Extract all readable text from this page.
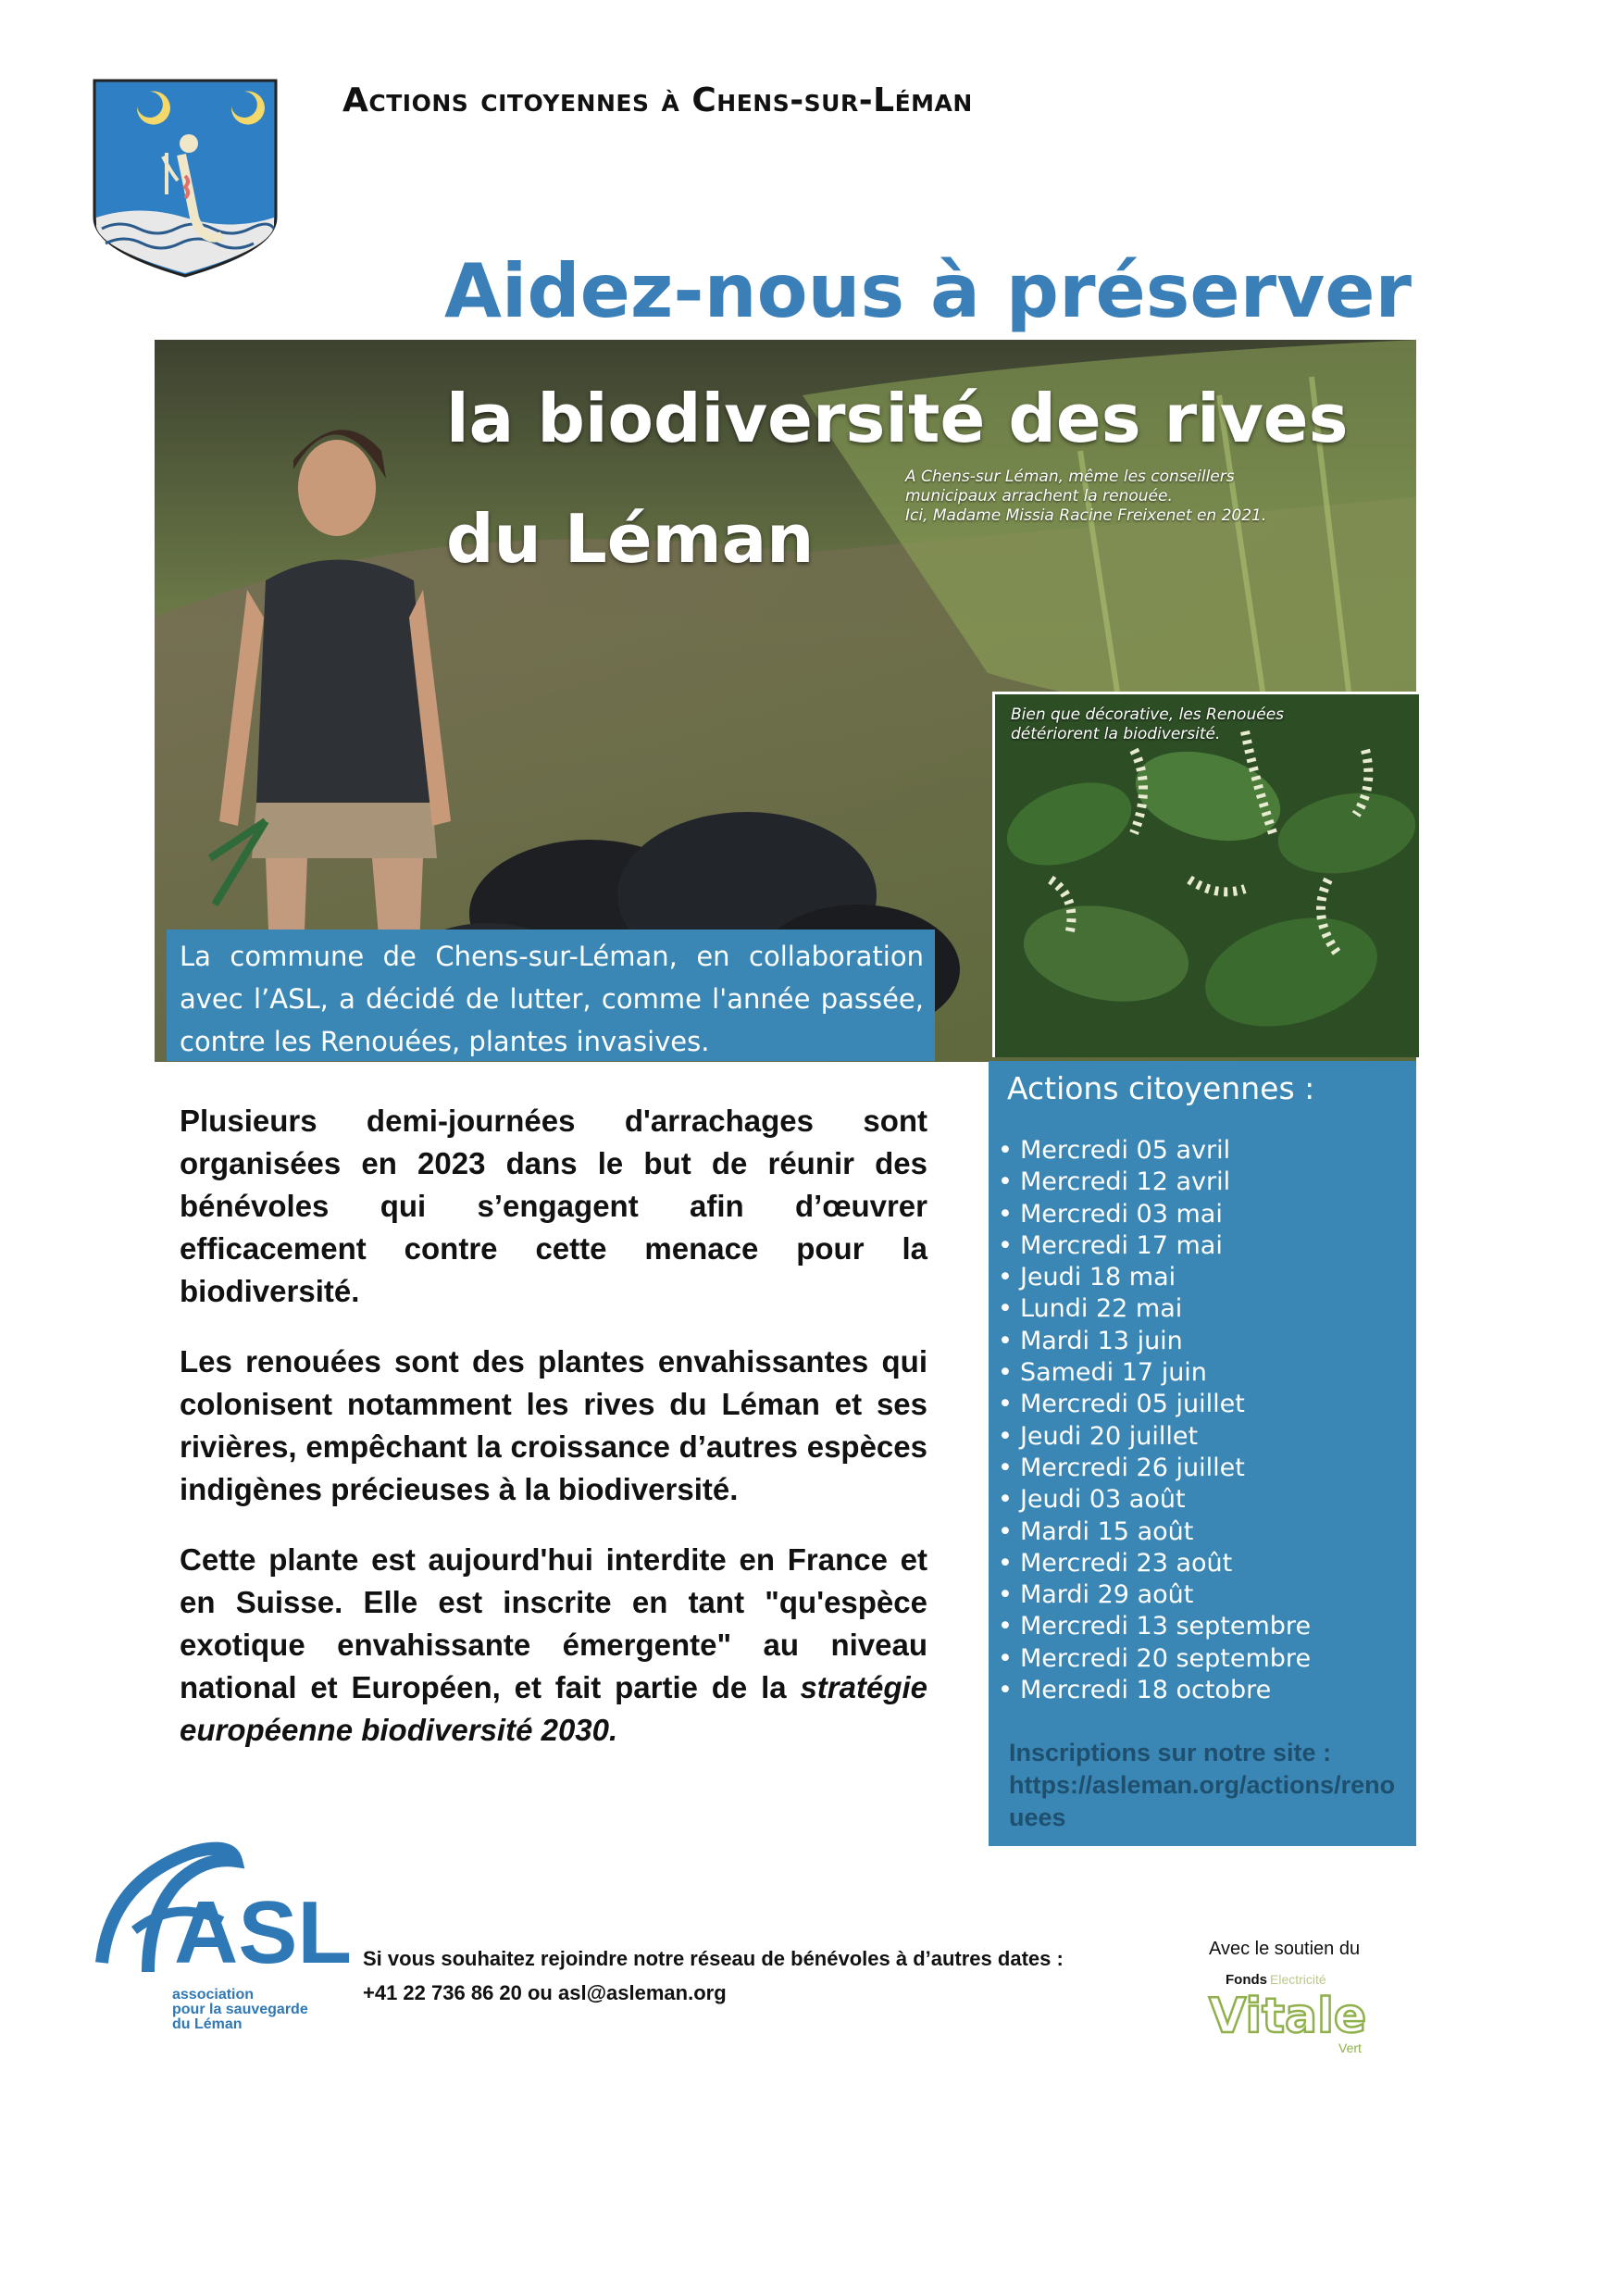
Actions citoyennes à Chens-sur-Léman
Aidez-nous à préserver
la biodiversité des rives
du Léman
A Chens-sur Léman, même les conseillers
municipaux arrachent la renouée.
Ici, Madame Missia Racine Freixenet en 2021.
Bien que décorative, les Renouées
détériorent la biodiversité.
La commune de Chens-sur-Léman, en collaboration avec l’ASL, a décidé de lutter, comme l'année passée, contre les Renouées, plantes invasives.
Actions citoyennes :
• Mercredi 05 avril
• Mercredi 12 avril
• Mercredi 03 mai
• Mercredi 17 mai
• Jeudi 18 mai
• Lundi 22 mai
• Mardi 13 juin
• Samedi 17 juin
• Mercredi 05 juillet
• Jeudi 20 juillet
• Mercredi 26 juillet
• Jeudi 03 août
• Mardi 15 août
• Mercredi 23 août
• Mardi 29 août
• Mercredi 13 septembre
• Mercredi 20 septembre
• Mercredi 18 octobre
Inscriptions sur notre site :
https://asleman.org/actions/renouees
Plusieurs demi-journées d'arrachages sont organisées en 2023 dans le but de réunir des bénévoles qui s’engagent afin d’œuvrer efficacement contre cette menace pour la biodiversité.
Les renouées sont des plantes envahissantes qui colonisent notamment les rives du Léman et ses rivières, empêchant la croissance d’autres espèces indigènes précieuses à la biodiversité.
Cette plante est aujourd'hui interdite en France et en Suisse. Elle est inscrite en tant "qu'espèce exotique envahissante émergente" au niveau national et Européen, et fait partie de la stratégie européenne biodiversité 2030.
ASL
association
pour la sauvegarde
du Léman
Si vous souhaitez rejoindre notre réseau de bénévoles à d’autres dates :
+41 22 736 86 20 ou asl@asleman.org
Avec le soutien du
Fonds Electricité
Vitale
Vert
